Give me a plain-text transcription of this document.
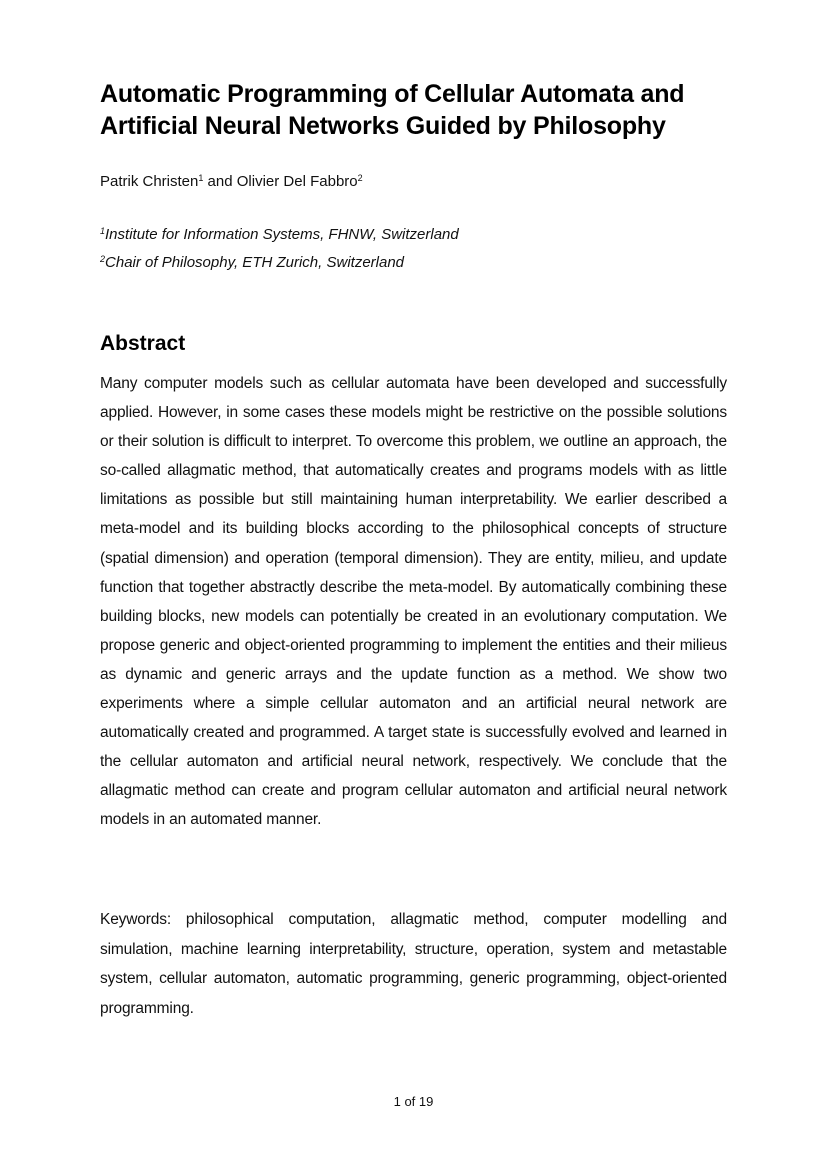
Automatic Programming of Cellular Automata and Artificial Neural Networks Guided by Philosophy

Patrik Christen$^1$ and Olivier Del Fabbro$^2$

$^1$Institute for Information Systems, FHNW, Switzerland

$^2$Chair of Philosophy, ETH Zurich, Switzerland

Abstract

Many computer models such as cellular automata have been developed and successfully applied. However, in some cases these models might be restrictive on the possible solutions or their solution is difficult to interpret. To overcome this problem, we outline an approach, the so-called allagmatic method, that automatically creates and programs models with as little limitations as possible but still maintaining human interpretability. We earlier described a meta-model and its building blocks according to the philosophical concepts of structure (spatial dimension) and operation (temporal dimension). They are entity, milieu, and update function that together abstractly describe the meta-model. By automatically combining these building blocks, new models can potentially be created in an evolutionary computation. We propose generic and object-oriented programming to implement the entities and their milieus as dynamic and generic arrays and the update function as a method. We show two experiments where a simple cellular automaton and an artificial neural network are automatically created and programmed. A target state is successfully evolved and learned in the cellular automaton and artificial neural network, respectively. We conclude that the allagmatic method can create and program cellular automaton and artificial neural network models in an automated manner.

Keywords: philosophical computation, allagmatic method, computer modelling and simulation, machine learning interpretability, structure, operation, system and metastable system, cellular automaton, automatic programming, generic programming, object-oriented programming.

1 of 19
